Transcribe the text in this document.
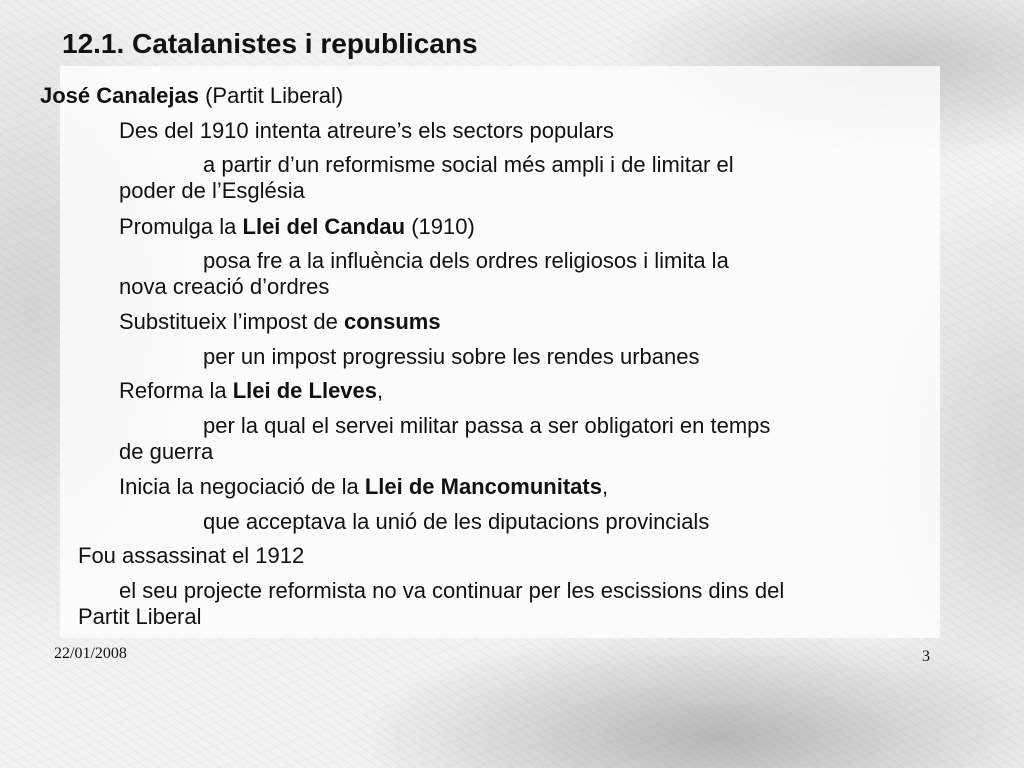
12.1. Catalanistes i republicans
José Canalejas (Partit Liberal)
Des del 1910 intenta atreure’s els sectors populars
a partir d’un reformisme social més ampli i de limitar el
poder de l’Església
Promulga la Llei del Candau (1910)
posa fre a la influència dels ordres religiosos i limita la
nova creació d’ordres
Substitueix l’impost de consums
per un impost progressiu sobre les rendes urbanes
Reforma la Llei de Lleves,
per la qual el servei militar passa a ser obligatori en temps
de guerra
Inicia la negociació de la Llei de Mancomunitats,
que acceptava la unió de les diputacions provincials
Fou assassinat el 1912
el seu projecte reformista no va continuar per les escissions dins del
Partit Liberal
22/01/2008	3
